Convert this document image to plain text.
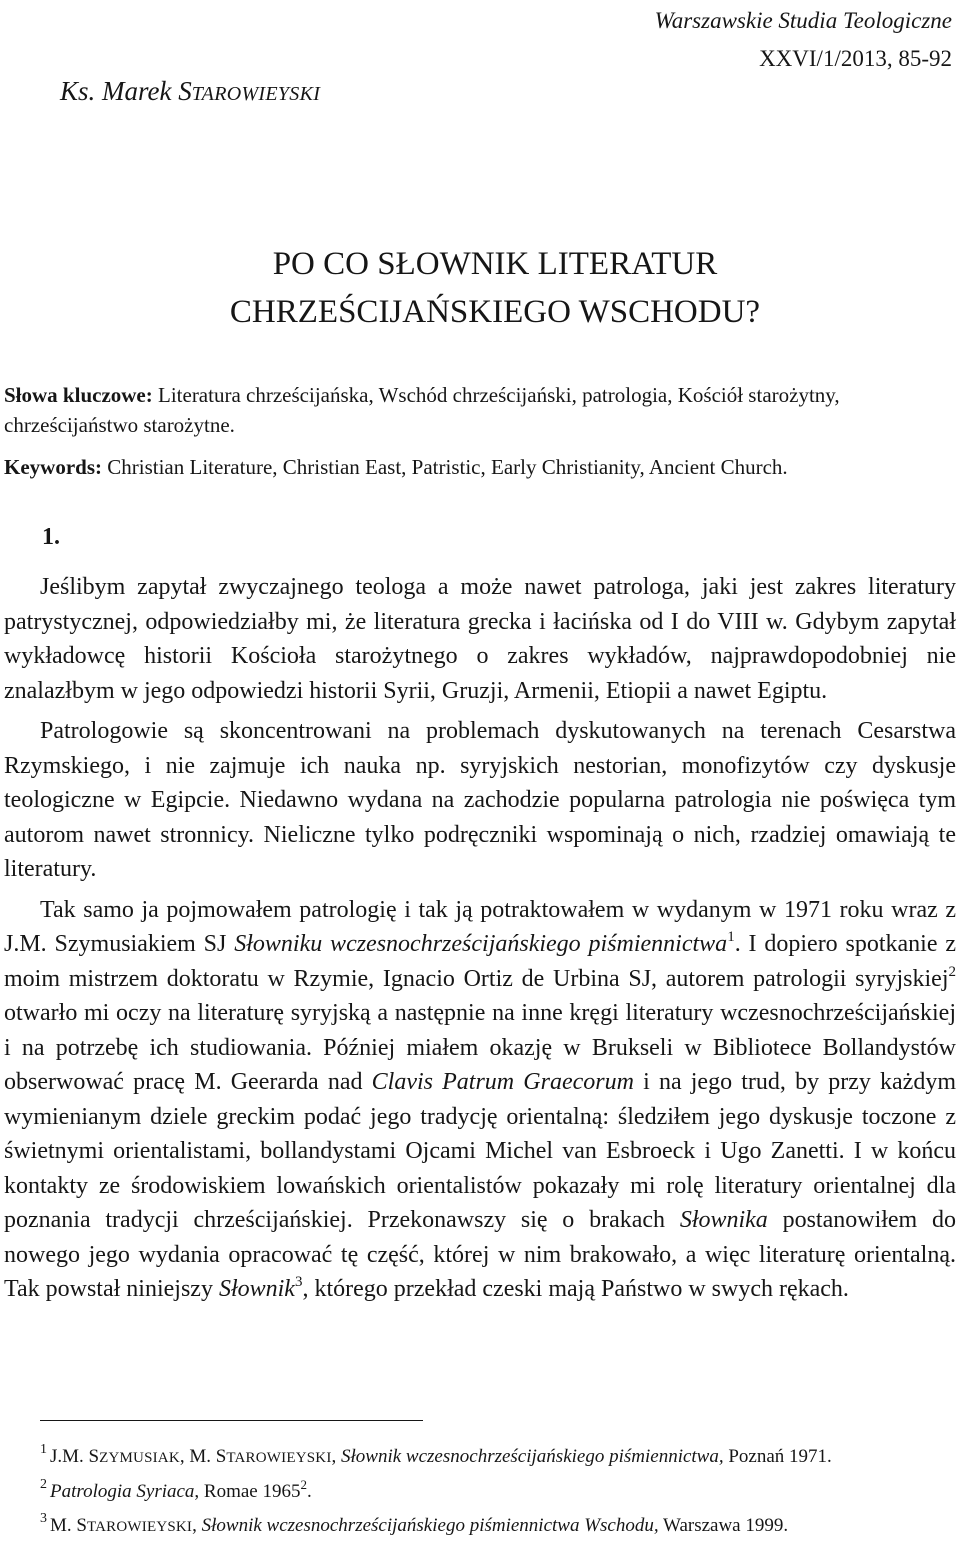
Warszawskie Studia Teologiczne
XXVI/1/2013, 85-92
Ks. Marek STAROWIEYSKI
PO CO SŁOWNIK LITERATUR
CHRZEŚCIJAŃSKIEGO WSCHODU?

Słowa kluczowe: Literatura chrześcijańska, Wschód chrześcijański, patrologia, Kościół starożytny, chrześcijaństwo starożytne.

Keywords: Christian Literature, Christian East, Patristic, Early Christianity, Ancient Church.

1.

Jeślibym zapytał zwyczajnego teologa a może nawet patrologa, jaki jest zakres literatury patrystycznej, odpowiedziałby mi, że literatura grecka i łacińska od I do VIII w. Gdybym zapytał wykładowcę historii Kościoła starożytnego o zakres wykładów, najprawdopodobniej nie znalazłbym w jego odpowiedzi historii Syrii, Gruzji, Armenii, Etiopii a nawet Egiptu.

Patrologowie są skoncentrowani na problemach dyskutowanych na terenach Cesarstwa Rzymskiego, i nie zajmuje ich nauka np. syryjskich nestorian, monofizytów czy dyskusje teologiczne w Egipcie. Niedawno wydana na zachodzie popularna patrologia nie poświęca tym autorom nawet stronnicy. Nieliczne tylko podręczniki wspominają o nich, rzadziej omawiają te literatury.

Tak samo ja pojmowałem patrologię i tak ją potraktowałem w wydanym w 1971 roku wraz z J.M. Szymusiakiem SJ Słowniku wczesnochrześcijańskiego piśmiennictwa$^1$. I dopiero spotkanie z moim mistrzem doktoratu w Rzymie, Ignacio Ortiz de Urbina SJ, autorem patrologii syryjskiej$^2$ otwarło mi oczy na literaturę syryjską a następnie na inne kręgi literatury wczesnochrześcijańskiej i na potrzebę ich studiowania. Później miałem okazję w Brukseli w Bibliotece Bollandystów obserwować pracę M. Geerarda nad Clavis Patrum Graecorum i na jego trud, by przy każdym wymienianym dziele greckim podać jego tradycję orientalną: śledziłem jego dyskusje toczone z świetnymi orientalistami, bollandystami Ojcami Michel van Esbroeck i Ugo Zanetti. I w końcu kontakty ze środowiskiem lowańskich orientalistów pokazały mi rolę literatury orientalnej dla poznania tradycji chrześcijańskiej. Przekonawszy się o brakach Słownika postanowiłem do nowego jego wydania opracować tę część, której w nim brakowało, a więc literaturę orientalną. Tak powstał niniejszy Słownik$^3$, którego przekład czeski mają Państwo w swych rękach.

1 J.M. SZYMUSIAK, M. STAROWIEYSKI, Słownik wczesnochrześcijańskiego piśmiennictwa, Poznań 1971.

2 Patrologia Syriaca, Romae 1965$^2$.

3 M. STAROWIEYSKI, Słownik wczesnochrześcijańskiego piśmiennictwa Wschodu, Warszawa 1999.
